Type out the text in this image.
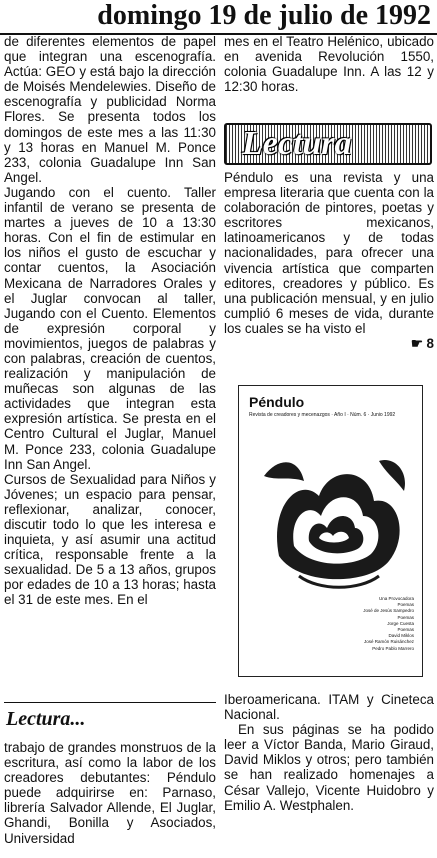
domingo 19 de julio de 1992

de diferentes elementos de papel que integran una escenografía. Actúa: GEO y está bajo la dirección de Moisés Mendelewies. Diseño de escenografía y publicidad Norma Flores. Se presenta todos los domingos de este mes a las 11:30 y 13 horas en Manuel M. Ponce 233, colonia Guadalupe Inn San Angel.

Jugando con el cuento. Taller infantil de verano se presenta de martes a jueves de 10 a 13:30 horas. Con el fin de estimular en los niños el gusto de escuchar y contar cuentos, la Asociación Mexicana de Narradores Orales y el Juglar convocan al taller, Jugando con el Cuento. Elementos de expresión corporal y movimientos, juegos de palabras y con palabras, creación de cuentos, realización y manipulación de muñecas son algunas de las actividades que integran esta expresión artística. Se presta en el Centro Cultural el Juglar, Manuel M. Ponce 233, colonia Guadalupe Inn San Angel.

Cursos de Sexualidad para Niños y Jóvenes; un espacio para pensar, reflexionar, analizar, conocer, discutir todo lo que les interesa e inquieta, y así asumir una actitud crítica, responsable frente a la sexualidad. De 5 a 13 años, grupos por edades de 10 a 13 horas; hasta el 31 de este mes. En el

Lectura...

trabajo de grandes monstruos de la escritura, así como la labor de los creadores debutantes: Péndulo puede adquirirse en: Parnaso, librería Salvador Allende, El Juglar, Ghandi, Bonilla y Asociados, Universidad

mes en el Teatro Helénico, ubicado en avenida Revolución 1550, colonia Guadalupe Inn. A las 12 y 12:30 horas.

Lectura

Péndulo es una revista y una empresa literaria que cuenta con la colaboración de pintores, poetas y escritores mexicanos, latinoamericanos y de todas nacionalidades, para ofrecer una vivencia artística que comparten editores, creadores y público. Es una publicación mensual, y en julio cumplió 6 meses de vida, durante los cuales se ha visto el

☛ 8

Péndulo
Revista de creadores y mecenazgos · Año I · Núm. 6 · Junio 1992
Una Provocadora
Poemas
José de Jesús Sampedro
Poemas
Jorge Cuesta
Poemas
David Miklos
José Ramón Ruisánchez
Pedro Pablo Marrero

Iberoamericana. ITAM y Cineteca Nacional.

En sus páginas se ha podido leer a Víctor Banda, Mario Giraud, David Miklos y otros; pero también se han realizado homenajes a César Vallejo, Vicente Huidobro y Emilio A. Westphalen.
